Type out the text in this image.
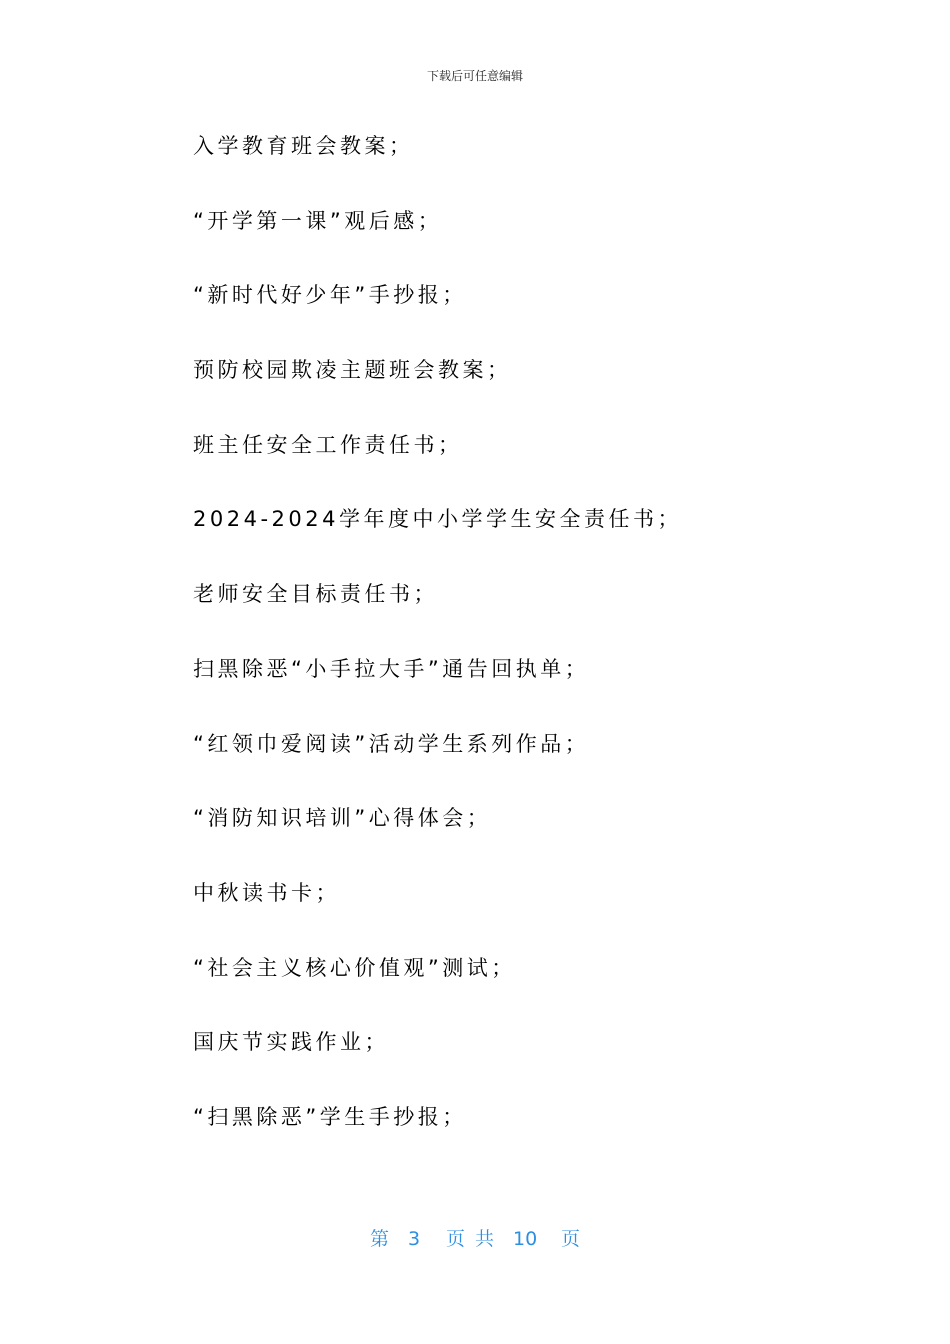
下载后可任意编辑
入学教育班会教案；
“开学第一课”观后感；
“新时代好少年”手抄报；
预防校园欺凌主题班会教案；
班主任安全工作责任书；
2024-2024学年度中小学学生安全责任书；
老师安全目标责任书；
扫黑除恶“小手拉大手”通告回执单；
“红领巾爱阅读”活动学生系列作品；
“消防知识培训”心得体会；
中秋读书卡；
“社会主义核心价值观”测试；
国庆节实践作业；
“扫黑除恶”学生手抄报；
第 3 页 共 10 页
